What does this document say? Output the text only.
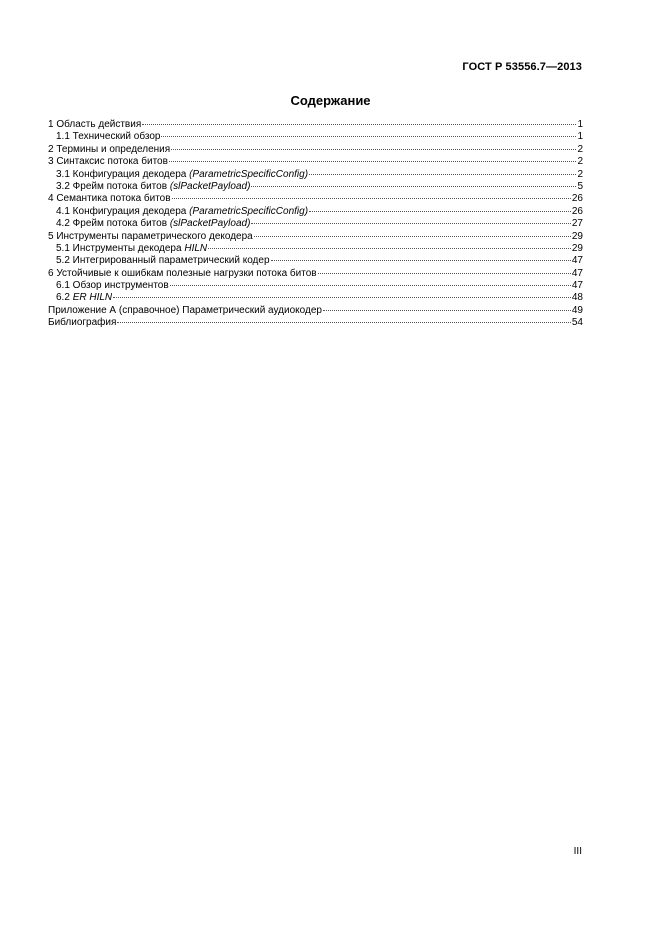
ГОСТ Р 53556.7—2013
Содержание
1 Область действия	1
1.1 Технический обзор	1
2 Термины и определения	2
3 Синтаксис потока битов	2
3.1 Конфигурация декодера (ParametricSpecificConfig)	2
3.2 Фрейм потока битов (slPacketPayload)	5
4 Семантика потока битов	26
4.1 Конфигурация декодера (ParametricSpecificConfig)	26
4.2 Фрейм потока битов (slPacketPayload)	27
5 Инструменты параметрического декодера	29
5.1 Инструменты декодера HILN	29
5.2 Интегрированный параметрический кодер	47
6 Устойчивые к ошибкам полезные нагрузки потока битов	47
6.1 Обзор инструментов	47
6.2 ER HILN	48
Приложение А (справочное) Параметрический аудиокодер	49
Библиография	54
III
